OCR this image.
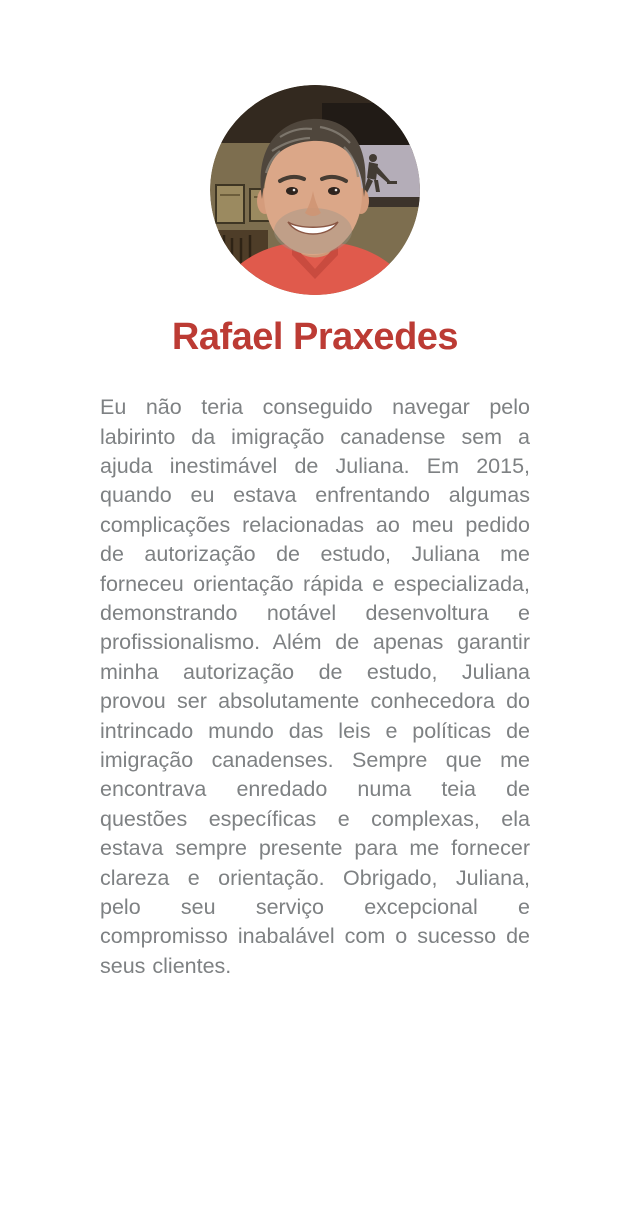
Rafael Praxedes

Eu não teria conseguido navegar pelo labirinto da imigração canadense sem a ajuda inestimável de Juliana. Em 2015, quando eu estava enfrentando algumas complicações relacionadas ao meu pedido de autorização de estudo, Juliana me forneceu orientação rápida e especializada, demonstrando notável desenvoltura e profissionalismo. Além de apenas garantir minha autorização de estudo, Juliana provou ser absolutamente conhecedora do intrincado mundo das leis e políticas de imigração canadenses. Sempre que me encontrava enredado numa teia de questões específicas e complexas, ela estava sempre presente para me fornecer clareza e orientação. Obrigado, Juliana, pelo seu serviço excepcional e compromisso inabalável com o sucesso de seus clientes.
